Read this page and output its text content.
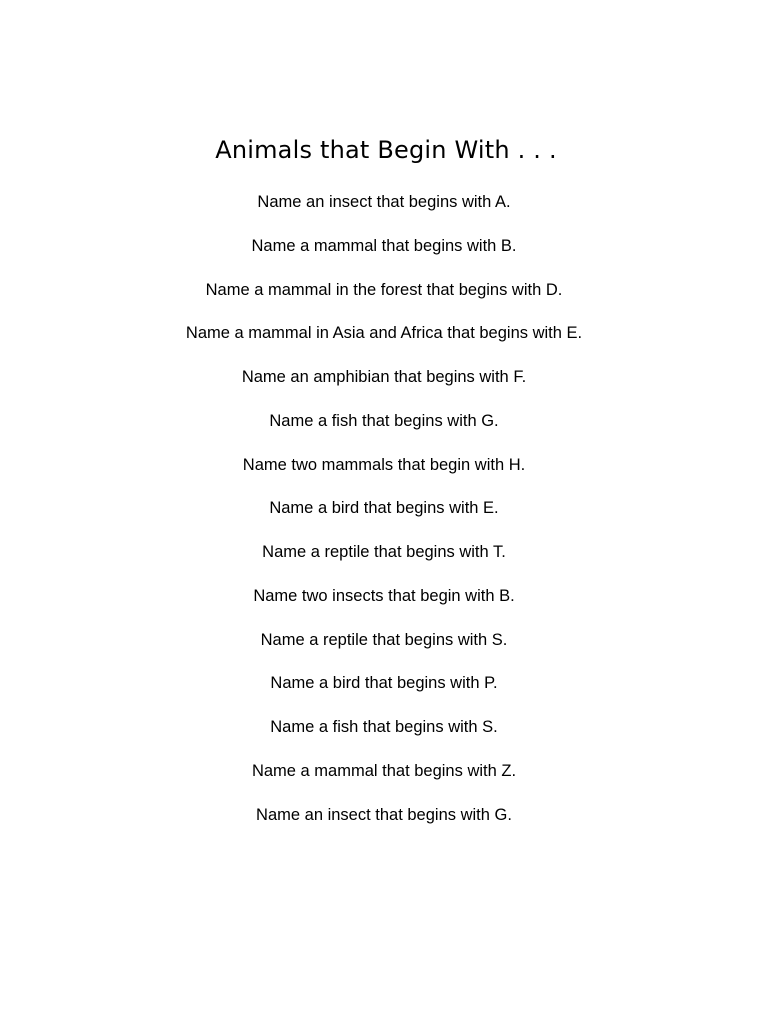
Animals that Begin With . . .
Name an insect that begins with A.
Name a mammal that begins with B.
Name a mammal in the forest that begins with D.
Name a mammal in Asia and Africa that begins with E.
Name an amphibian that begins with F.
Name a fish that begins with G.
Name two mammals that begin with H.
Name a bird that begins with E.
Name a reptile that begins with T.
Name two insects that begin with B.
Name a reptile that begins with S.
Name a bird that begins with P.
Name a fish that begins with S.
Name a mammal that begins with Z.
Name an insect that begins with G.
